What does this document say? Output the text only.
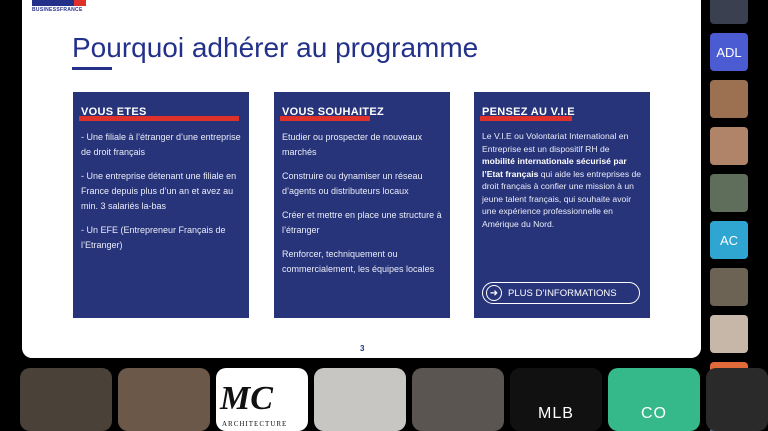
BUSINESSFRANCE
Pourquoi adhérer au programme
VOUS ETES

- Une filiale à l’étranger d’une entreprise de droit français

- Une entreprise détenant une filiale en France depuis plus d’un an et avez au min. 3 salariés la-bas

- Un EFE (Entrepreneur Français de l’Etranger)

VOUS SOUHAITEZ

Etudier ou prospecter de nouveaux marchés

Construire ou dynamiser un réseau d’agents ou distributeurs locaux

Créer et mettre en place une structure à l’étranger

Renforcer, techniquement ou commercialement, les équipes locales

PENSEZ AU V.I.E
Le V.I.E ou Volontariat International en Entreprise est un dispositif RH de mobilité internationale sécurisé par l’Etat français qui aide les entreprises de droit français à confier une mission à un jeune talent français, qui souhaite avoir une expérience professionnelle en Amérique du Nord.
➜	PLUS D’INFORMATIONS
3
ADL
AC
MC
ARCHITECTURE
MLB	CO
